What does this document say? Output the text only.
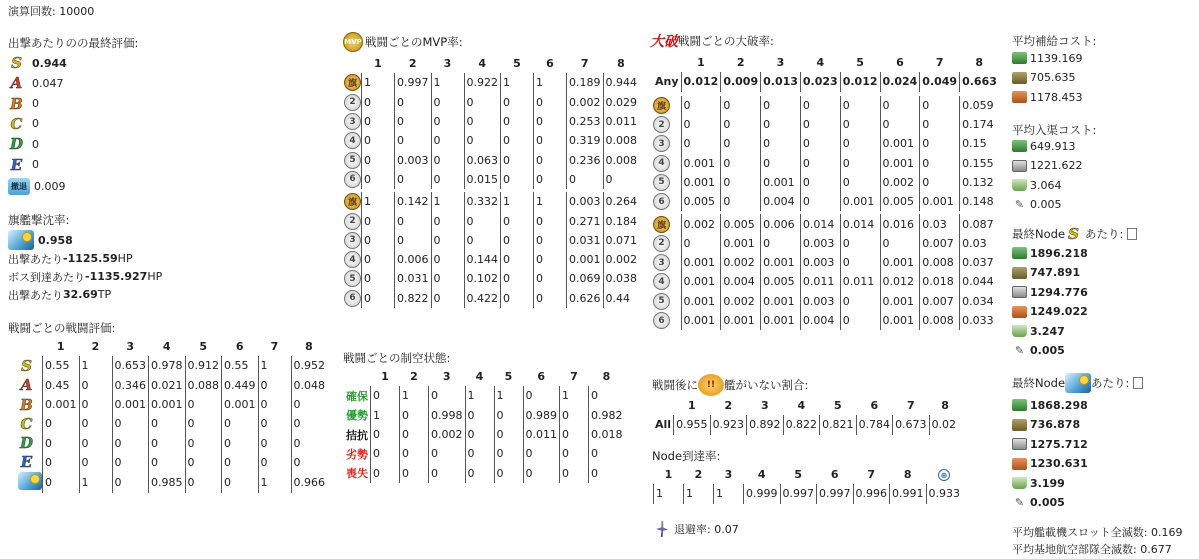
演算回数: 10000
出撃あたりのの最終評価:
S 0.944
A 0.047
B 0
C 0
D 0
E 0
撤退 0.009
旗艦撃沈率:
0.958
出撃あたり -1125.59 HP
ボス到達あたり -1135.927 HP
出撃あたり 32.69 TP
戦闘ごとの戦闘評価:
	1	2	3	4	5	6	7	8
S	0.55	1	0.653	0.978	0.912	0.55	1	0.952
A	0.45	0	0.346	0.021	0.088	0.449	0	0.048
B	0.001	0	0.001	0.001	0	0.001	0	0
C	0	0	0	0	0	0	0	0
D	0	0	0	0	0	0	0	0
E	0	0	0	0	0	0	0	0
	0	1	0	0.985	0	0	1	0.966
MVP 戦闘ごとのMVP率:
	1	2	3	4	5	6	7	8
旗	1	0.997	1	0.922	1	1	0.189	0.944
2	0	0	0	0	0	0	0.002	0.029
3	0	0	0	0	0	0	0.253	0.011
4	0	0	0	0	0	0	0.319	0.008
5	0	0.003	0	0.063	0	0	0.236	0.008
6	0	0	0	0.015	0	0	0	0

旗	1	0.142	1	0.332	1	1	0.003	0.264
2	0	0	0	0	0	0	0.271	0.184
3	0	0	0	0	0	0	0.031	0.071
4	0	0.006	0	0.144	0	0	0.001	0.002
5	0	0.031	0	0.102	0	0	0.069	0.038
6	0	0.822	0	0.422	0	0	0.626	0.44
戦闘ごとの制空状態:
	1	2	3	4	5	6	7	8
確保	0	1	0	1	1	0	1	0
優勢	1	0	0.998	0	0	0.989	0	0.982
拮抗	0	0	0.002	0	0	0.011	0	0.018
劣勢	0	0	0	0	0	0	0	0
喪失	0	0	0	0	0	0	0	0
大破 戦闘ごとの大破率:
	1	2	3	4	5	6	7	8
Any	0.012	0.009	0.013	0.023	0.012	0.024	0.049	0.663

旗	0	0	0	0	0	0	0	0.059
2	0	0	0	0	0	0	0	0.174
3	0	0	0	0	0	0.001	0	0.15
4	0.001	0	0	0	0	0.001	0	0.155
5	0.001	0	0.001	0	0	0.002	0	0.132
6	0.005	0	0.004	0	0.001	0.005	0.001	0.148

旗	0.002	0.005	0.006	0.014	0.014	0.016	0.03	0.087
2	0	0.001	0	0.003	0	0	0.007	0.03
3	0.001	0.002	0.001	0.003	0	0.001	0.008	0.037
4	0.001	0.004	0.005	0.011	0.011	0.012	0.018	0.044
5	0.001	0.002	0.001	0.003	0	0.001	0.007	0.034
6	0.001	0.001	0.001	0.004	0	0.001	0.008	0.033
戦闘後に !! 艦がいない割合:
	1	2	3	4	5	6	7	8
All	0.955	0.923	0.892	0.822	0.821	0.784	0.673	0.02
Node到達率:
1	2	3	4	5	6	7	8	⊕
1	1	1	0.999	0.997	0.997	0.996	0.991	0.933
退避率: 0.07
平均補給コスト:
1139.169
705.635
1178.453
平均入渠コスト:
649.913
1221.622
3.064
✎ 0.005
最終Node S あたり:
1896.218
747.891
1294.776
1249.022
3.247
✎ 0.005
最終Node あたり:
1868.298
736.878
1275.712
1230.631
3.199
✎ 0.005
平均艦載機スロット全滅数: 0.169
平均基地航空部隊全滅数: 0.677
